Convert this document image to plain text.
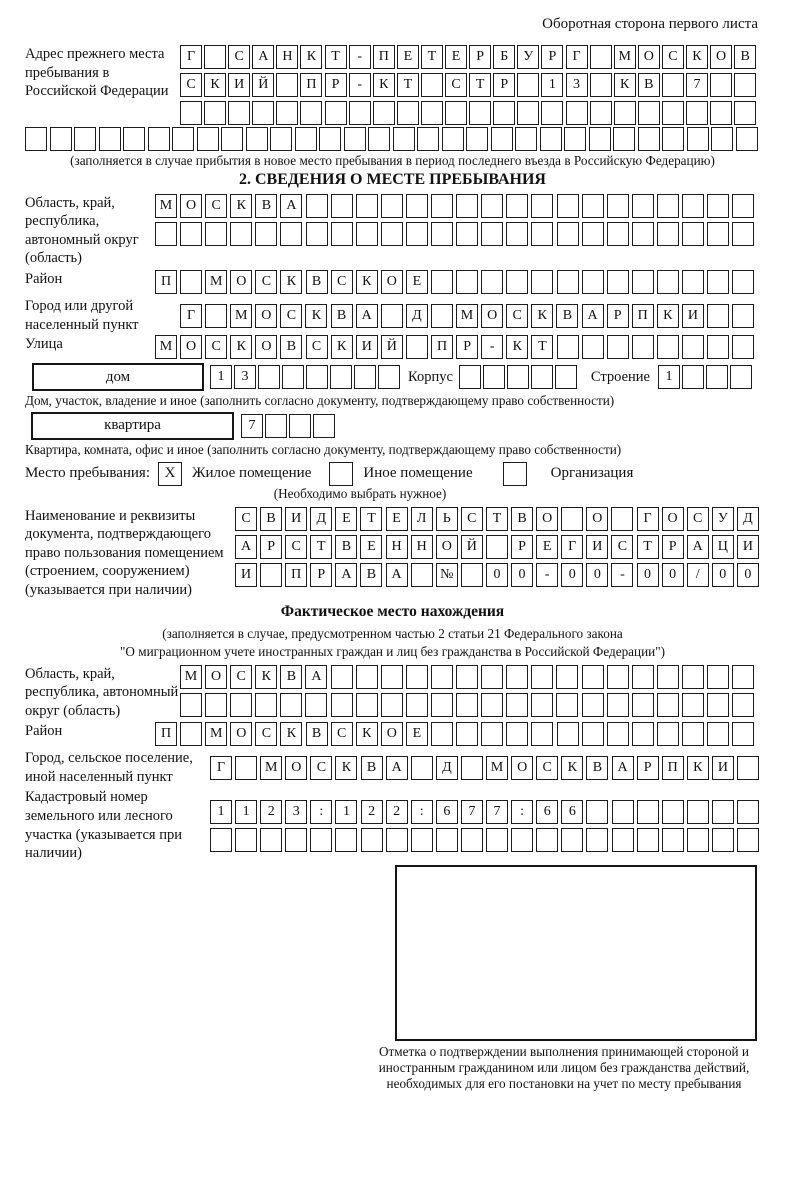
Оборотная сторона первого листа
Адрес прежнего места пребывания в Российской Федерации
Г	С	А Н	К	Т	-	П	Е	Т	Е	Р	Б	У	Р	Г	М О	С	К	О	В
С	К	И Й	П	Р	-	К	Т	С	Т	Р	1	3	К	В	7
(заполняется в случае прибытия в новое место пребывания в период последнего въезда в Российскую Федерацию)
2. СВЕДЕНИЯ О МЕСТЕ ПРЕБЫВАНИЯ
Область, край, республика, автономный округ (область)
М О	С	К	В	А
Район	П	М О	С	К	В	С	К	О	Е
Город или другой населенный пункт
Г	М О	С	К	В	А	Д	М О	С	К	В	А	Р	П	К	И
Улица	М О	С	К	О	В	С	К	И	Й	П	Р	-	К	Т
дом	1	3	Корпус	Строение	1
Дом, участок, владение и иное (заполнить согласно документу, подтверждающему право собственности)
квартира	7
Квартира, комната, офис и иное (заполнить согласно документу, подтверждающему право собственности)
Место пребывания: X	Жилое помещение	Иное помещение	Организация
(Необходимо выбрать нужное)
Наименование и реквизиты документа, подтверждающего право пользования помещением (строением, сооружением) (указывается при наличии)
С	В	И	Д	Е	Т	Е	Л	Ь	С	Т	В	О	О	Г	О	С	У	Д
А	Р	С	Т	В	Е	Н	Н	О	Й	Р	Е	Г	И	С	Т	Р	А	Ц	И
И	П	Р	А	В	А	№	0	0	-	0	0	-	0	0	/	0	0
Фактическое место нахождения
(заполняется в случае, предусмотренном частью 2 статьи 21 Федерального закона
"О миграционном учете иностранных граждан и лиц без гражданства в Российской Федерации")
Область, край, республика, автономный округ (область)
М О	С	К	В	А
Район	П	М О	С	К	В	С	К	О	Е
Город, сельское поселение, иной населенный пункт
Г	М О	С	К	В	А	Д	М О	С	К	В	А	Р	П	К	И
Кадастровый номер земельного или лесного участка (указывается при наличии)
1	1	2	3	:	1	2	2	:	6	7	7	:	6	6
Отметка о подтверждении выполнения принимающей стороной и иностранным гражданином или лицом без гражданства действий, необходимых для его постановки на учет по месту пребывания
